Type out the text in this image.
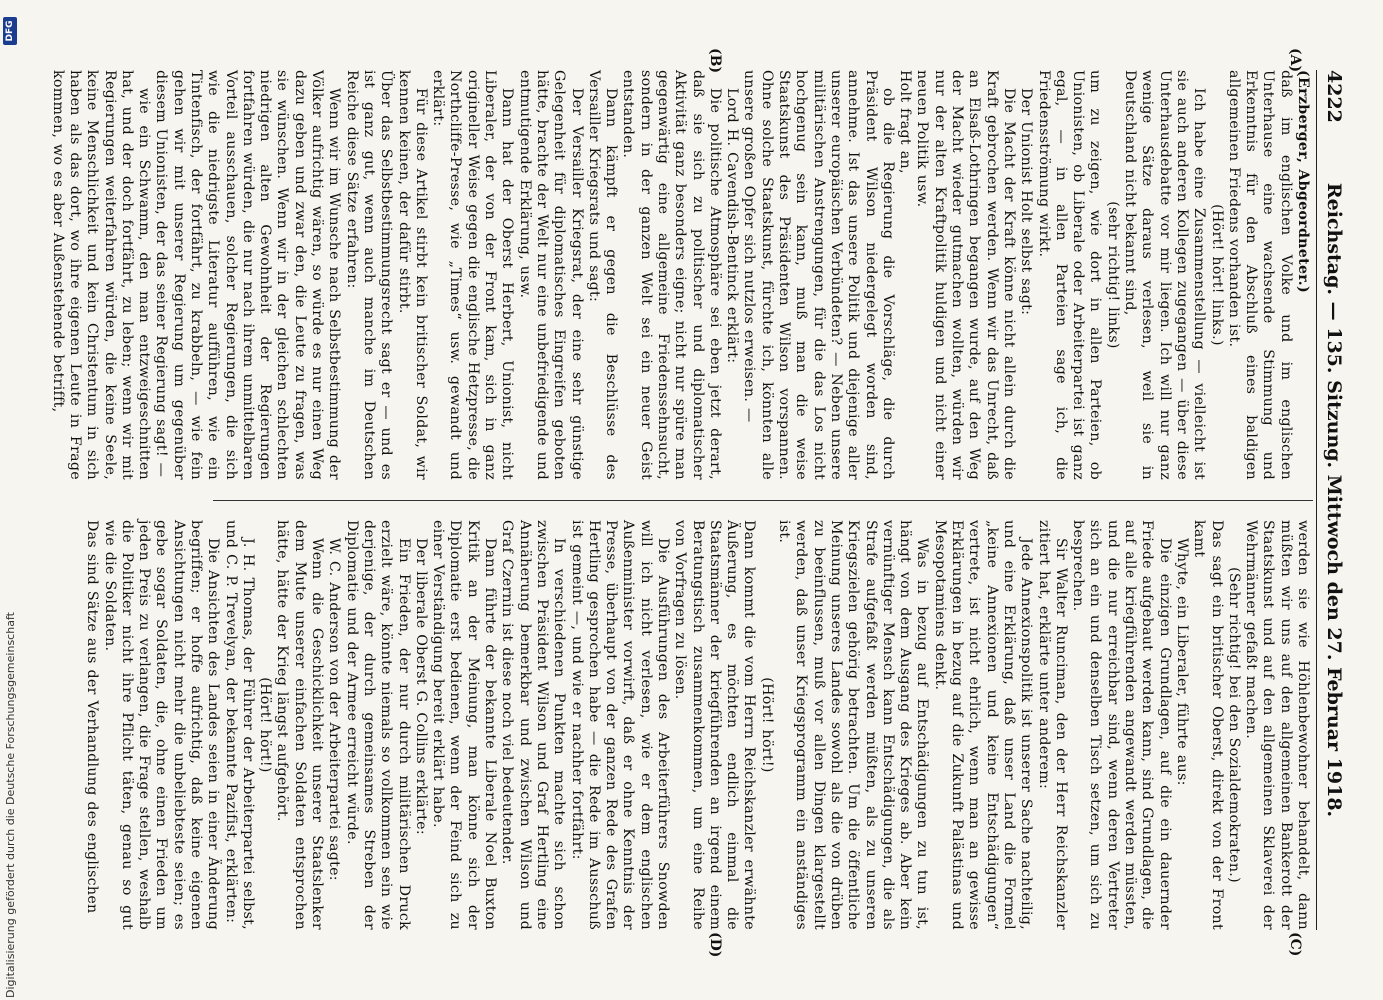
4222
Reichstag. — 135. Sitzung. Mittwoch den 27. Februar 1918.
(A)
(B)
(C)
(D)

(Erzberger, Abgeordneter.)

daß im englischen Volke und im englischen Unterhause eine wachsende Stimmung und Erkenntnis für den Abschluß eines baldigen allgemeinen Friedens vorhanden ist.

(Hört! hört! links.)

Ich habe eine Zusammenstellung — vielleicht ist sie auch anderen Kollegen zugegangen — über diese Unterhausdebatte vor mir liegen. Ich will nur ganz wenige Sätze daraus verlesen, weil sie in Deutschland nicht bekannt sind,

(sehr richtig! links)

um zu zeigen, wie dort in allen Parteien, ob Unionisten, ob Liberale oder Arbeiterpartei ist ganz egal, — in allen Parteien sage ich, die Friedensströmung wirkt.

Der Unionist Holt selbst sagt:

Die Macht der Kraft könne nicht allein durch die Kraft gebrochen werden. Wenn wir das Unrecht, daß an Elsaß-Lothringen begangen wurde, auf den Weg der Macht wieder gutmachen wollten, würden wir nur der alten Kraftpolitik huldigen und nicht einer neuen Politik usw.

Holt fragt an,

ob die Regierung die Vorschläge, die durch Präsident Wilson niedergelegt worden sind, annehme. Ist das unsere Politik und diejenige aller unserer europäischen Verbündeten? — Neben unsere militärischen Anstrengungen, für die das Los nicht hochgenug sein kann, muß man die weise Staatskunst des Präsidenten Wilson vorspannen. Ohne solche Staatskunst, fürchte ich, könnten alle unsere großen Opfer sich nutzlos erweisen. —

Lord H. Cavendish-Bentinck erklärt:

Die politische Atmosphäre sei eben jetzt derart, daß sie sich zu politischer und diplomatischer Aktivität ganz besonders eigne; nicht nur spüre man gegenwärtig eine allgemeine Friedenssehnsucht, sondern in der ganzen Welt sei ein neuer Geist entstanden.

Dann kämpft er gegen die Beschlüsse des Versailler Kriegsrats und sagt:

Der Versailler Kriegsrat, der eine sehr günstige Gelegenheit für diplomatisches Eingreifen geboten hätte, brachte der Welt nur eine unbefriedigende und entmutigende Erklärung, usw.

Dann hat der Oberst Herbert, Unionist, nicht Liberaler, der von der Front kam, sich in ganz origineller Weise gegen die englische Hetzpresse, die Northcliffe-Presse, wie „Times“ usw. gewandt und erklärt:

Für diese Artikel stirbt kein britischer Soldat, wir kennen keinen, der dafür stirbt.

Über das Selbstbestimmungsrecht sagt er — und es ist ganz gut, wenn auch manche im Deutschen Reiche diese Sätze erfahren:

Wenn wir im Wunsche nach Selbstbestimmung der Völker aufrichtig wären, so würde es nur einen Weg dazu geben und zwar den, die Leute zu fragen, was sie wünschen. Wenn wir in der gleichen schlechten niedrigen alten Gewohnheit der Regierungen fortfahren würden, die nur nach ihrem unmittelbaren Vorteil ausschauen, solcher Regierungen, die sich wie die niedrigste Literatur aufführen, wie ein Tintenfisch, der fortfährt, zu krabbeln, — wie fein gehen wir mit unserer Regierung um gegenüber diesem Unionisten, der das seiner Regierung sagt! —

wie ein Schwamm, den man entzweigeschnitten hat, und der doch fortfährt, zu leben; wenn wir mit Regierungen weiterfahren würden, die keine Seele, keine Menschlichkeit und kein Christentum in sich haben als das dort, wo ihre eigenen Leute in Frage kommen, wo es aber Außenstehende betrifft,

werden sie wie Höhlenbewohner behandelt, dann müßten wir uns auf den allgemeinen Bankerott der Staatskunst und auf den allgemeinen Sklaverei der Wehrmänner gefaßt machen.

(Sehr richtig! bei den Sozialdemokraten.)

Das sagt ein britischer Oberst, direkt von der Front kamt

Whyte, ein Liberaler, führte aus:

Die einzigen Grundlagen, auf die ein dauernder Friede aufgebaut werden kann, sind Grundlagen, die auf alle kriegführenden angewandt werden müssten, und die nur erreichbar sind, wenn deren Vertreter sich an ein und denselben Tisch setzen, um sich zu besprechen.

Sir Walter Runciman, den der Herr Reichskanzler zitiert hat, erklärte unter anderem:

Jede Annexionspolitik ist unserer Sache nachteilig, und eine Erklärung, daß unser Land die Formel „keine Annexionen und keine Entschädigungen“ vertrete, ist nicht ehrlich, wenn man an gewisse Erklärungen in bezug auf die Zukunft Palästinas und Mesopotamiens denkt.

Was in bezug auf Entschädigungen zu tun ist, hängt von dem Ausgang des Krieges ab. Aber kein vernünftiger Mensch kann Entschädigungen, die als Strafe aufgefaßt werden müßten, als zu unseren Kriegszielen gehörig betrachten. Um die öffentliche Meinung unseres Landes sowohl als die von drüben zu beeinflussen, muß vor allen Dingen klargestellt werden, daß unser Kriegsprogramm ein anständiges ist.

(Hört! hört!)

Dann kommt die vom Herrn Reichskanzler erwähnte Äußerung, es möchten endlich einmal die Staatsmänner der kriegführenden an irgend einem Beratungstisch zusammenkommen, um eine Reihe von Vorfragen zu lösen.

Die Ausführungen des Arbeiterführers Snowden will ich nicht verlesen, wie er dem englischen Außenminister vorwirft, daß er ohne Kenntnis der Presse, überhaupt von der ganzen Rede des Grafen Hertling gesprochen habe — die Rede im Ausschuß ist gemeint —, und wie er nachher fortfährt:

In verschiedenen Punkten machte sich schon zwischen Präsident Wilson und Graf Hertling eine Annäherung bemerkbar und zwischen Wilson und Graf Czernin ist diese noch viel bedeutender.

Dann führte der bekannte Liberale Noel Buxton Kritik an der Meinung, man könne sich der Diplomatie erst bedienen, wenn der Feind sich zu einer Verständigung bereit erklärt habe.

Der liberale Oberst G. Collins erklärte:

Ein Frieden, der nur durch militärischen Druck erzielt wäre, könnte niemals so vollkommen sein wie derjenige, der durch gemeinsames Streben der Diplomatie und der Armee erreicht würde.

W. C. Anderson von der Arbeiterpartei sagte:

Wenn die Geschicklichkeit unserer Staatslenker dem Mute unserer einfachen Soldaten entsprochen hätte, hätte der Krieg längst aufgehört.

(Hört! hört!)

J. H. Thomas, der Führer der Arbeiterpartei selbst, und C. P. Trevelyan, der bekannte Pazifist, erklärten:

Die Ansichten des Landes seien in einer Änderung begriffen; er hoffe aufrichtig, daß keine eigenen Ansichtungen nicht mehr die unbeliebteste seien; es gebe sogar Soldaten, die, ohne einen Frieden um jeden Preis zu verlangen, die Frage stellen, weshalb die Politiker nicht ihre Pflicht täten, genau so gut wie die Soldaten.

Das sind Sätze aus der Verhandlung des englischen

Digitalisierung gefördert durch die Deutsche Forschungsgemeinschaft
DFG
